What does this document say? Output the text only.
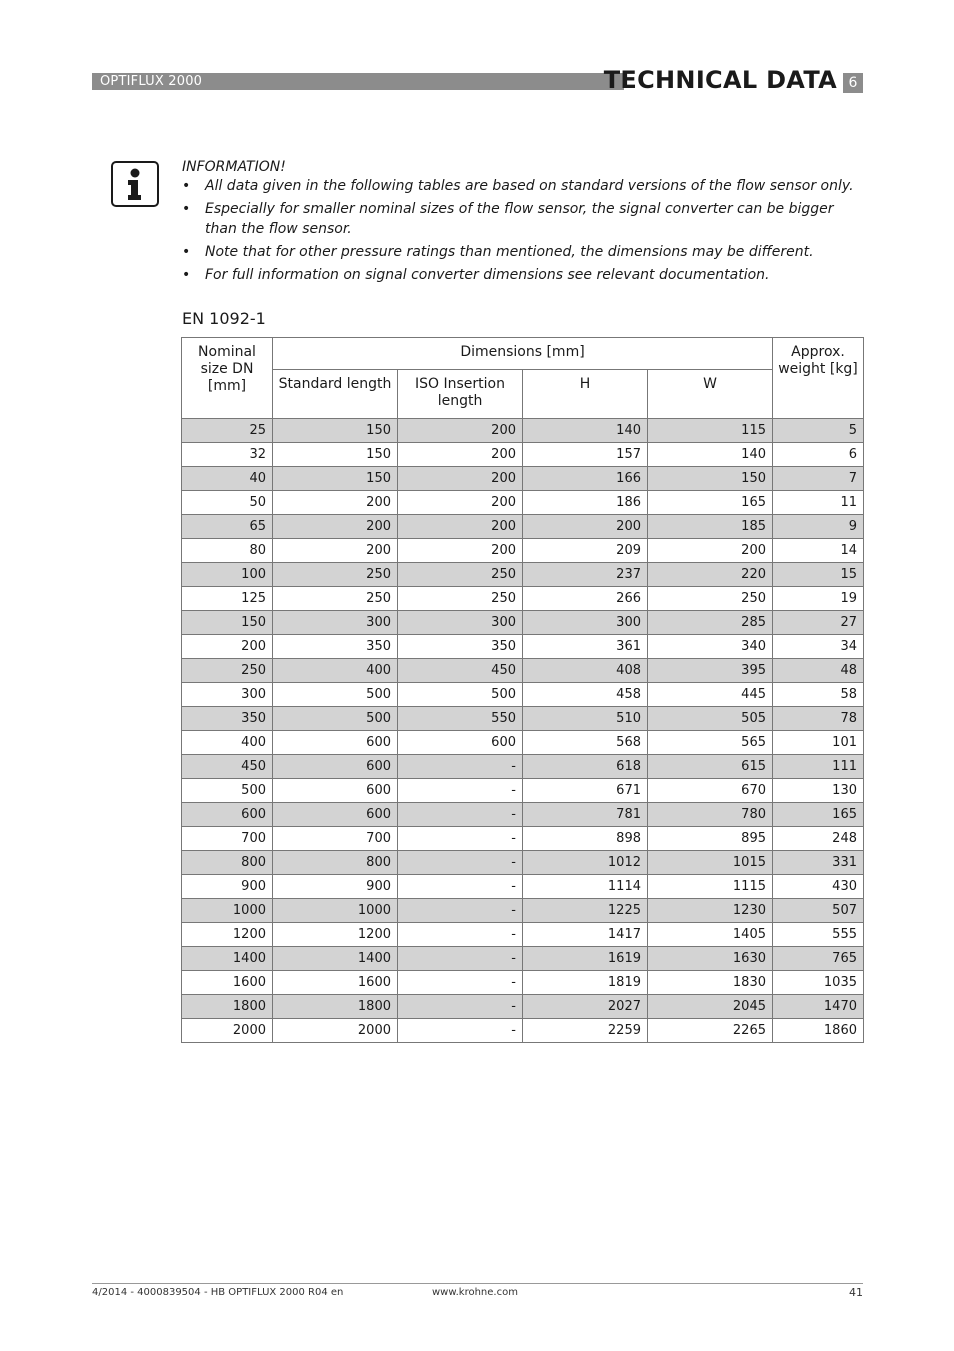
OPTIFLUX 2000	TECHNICAL DATA 6
INFORMATION!
• All data given in the following tables are based on standard versions of the flow sensor only.
• Especially for smaller nominal sizes of the flow sensor, the signal converter can be bigger than the flow sensor.
• Note that for other pressure ratings than mentioned, the dimensions may be different.
• For full information on signal converter dimensions see relevant documentation.
EN 1092-1
Nominal size DN [mm]	Dimensions [mm]				Approx. weight [kg]
	Standard length	ISO Insertion length	H	W	
25	150	200	140	115	5
32	150	200	157	140	6
40	150	200	166	150	7
50	200	200	186	165	11
65	200	200	200	185	9
80	200	200	209	200	14
100	250	250	237	220	15
125	250	250	266	250	19
150	300	300	300	285	27
200	350	350	361	340	34
250	400	450	408	395	48
300	500	500	458	445	58
350	500	550	510	505	78
400	600	600	568	565	101
450	600	-	618	615	111
500	600	-	671	670	130
600	600	-	781	780	165
700	700	-	898	895	248
800	800	-	1012	1015	331
900	900	-	1114	1115	430
1000	1000	-	1225	1230	507
1200	1200	-	1417	1405	555
1400	1400	-	1619	1630	765
1600	1600	-	1819	1830	1035
1800	1800	-	2027	2045	1470
2000	2000	-	2259	2265	1860
4/2014 - 4000839504 - HB OPTIFLUX 2000 R04 en	www.krohne.com	41
